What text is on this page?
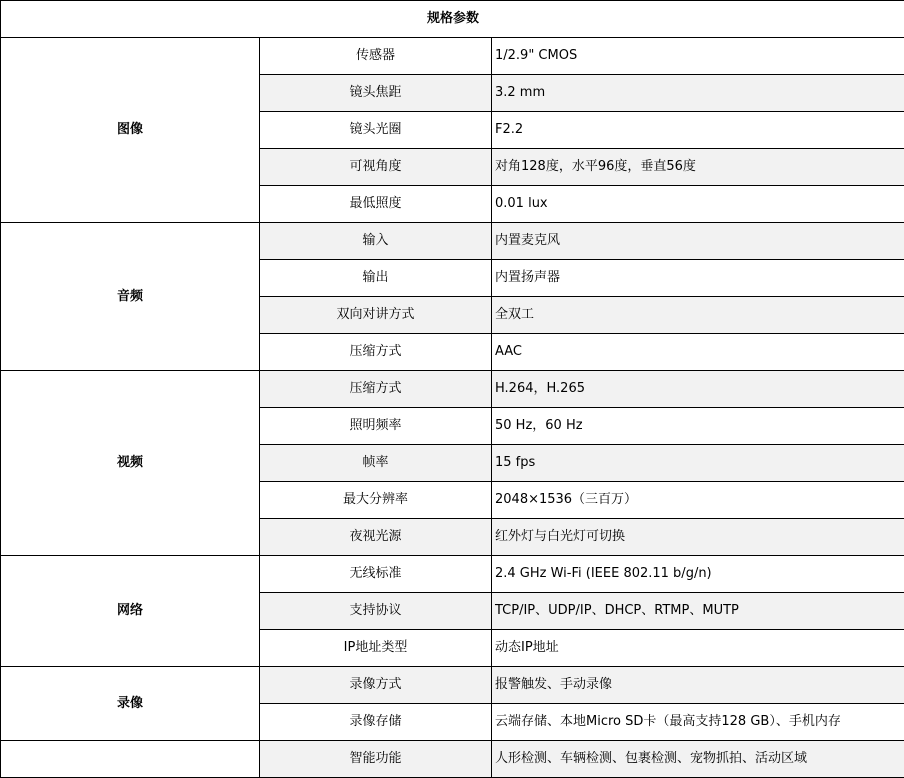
规格参数		
图像	传感器	1/2.9" CMOS
	镜头焦距	3.2 mm
	镜头光圈	F2.2
	可视角度	对角128度，水平96度，垂直56度
	最低照度	0.01 lux
音频	输入	内置麦克风
	输出	内置扬声器
	双向对讲方式	全双工
	压缩方式	AAC
视频	压缩方式	H.264，H.265
	照明频率	50 Hz，60 Hz
	帧率	15 fps
	最大分辨率	2048×1536（三百万）
	夜视光源	红外灯与白光灯可切换
网络	无线标准	2.4 GHz Wi-Fi (IEEE 802.11 b/g/n)
	支持协议	TCP/IP、UDP/IP、DHCP、RTMP、MUTP
	IP地址类型	动态IP地址
录像	录像方式	报警触发、手动录像
	录像存储	云端存储、本地Micro SD卡（最高支持128 GB）、手机内存
	智能功能	人形检测、车辆检测、包裹检测、宠物抓拍、活动区域
